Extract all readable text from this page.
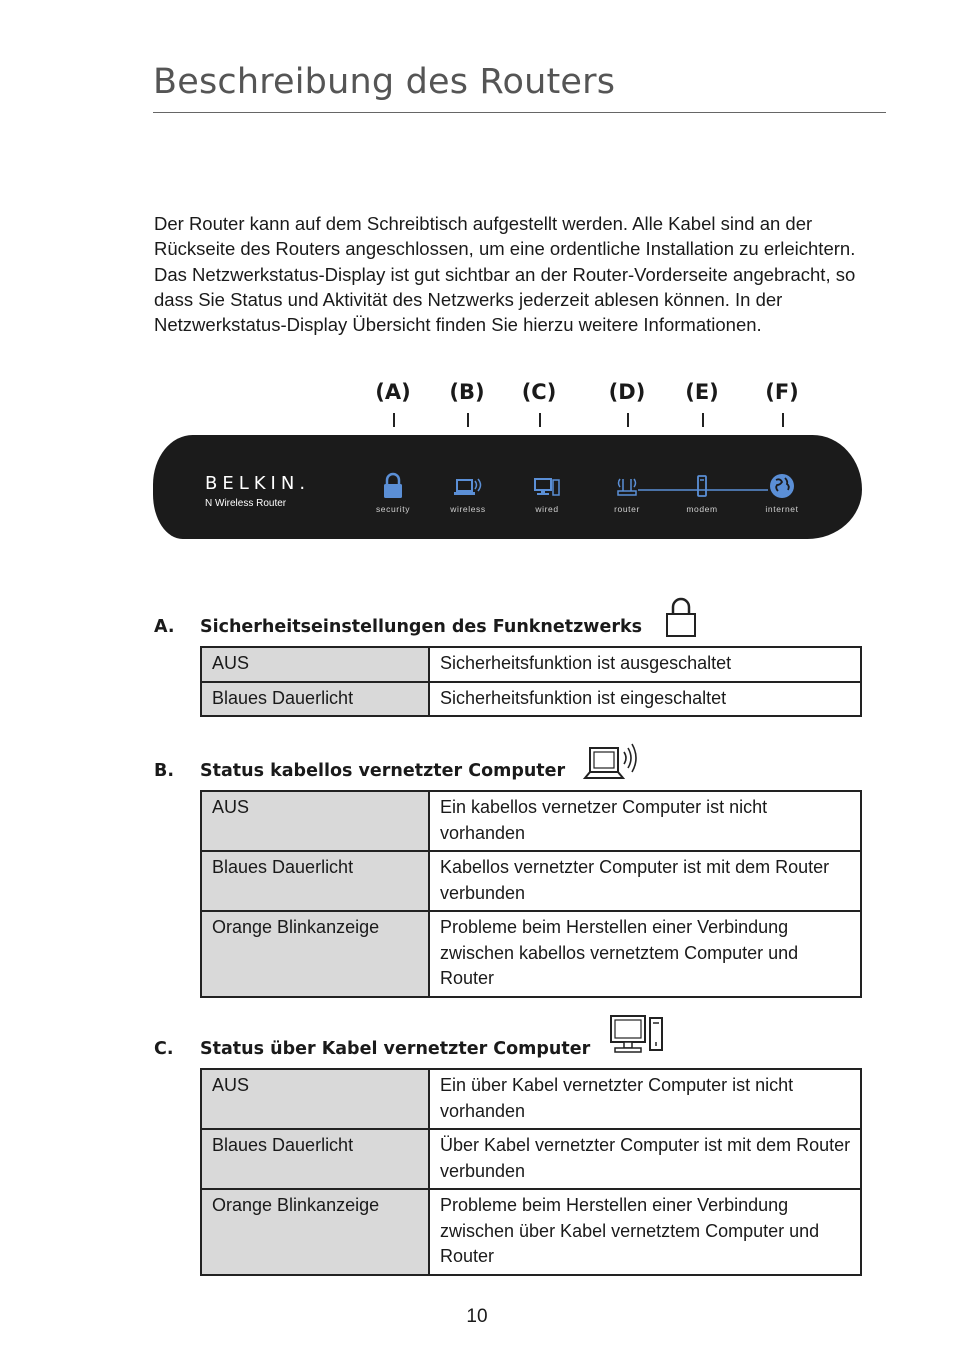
Beschreibung des Routers
Der Router kann auf dem Schreibtisch aufgestellt werden. Alle Kabel sind an der Rückseite des Routers angeschlossen, um eine ordentliche Installation zu erleichtern. Das Netzwerkstatus-Display ist gut sichtbar an der Router-Vorderseite angebracht, so dass Sie Status und Aktivität des Netzwerks jederzeit ablesen können. In der Netzwerkstatus-Display Übersicht finden Sie hierzu weitere Informationen.
(A) (B) (C) (D) (E) (F)
BELKIN.
N Wireless Router	security	wireless	wired	router	modem	internet
A. Sicherheitseinstellungen des Funknetzwerks
AUS	Sicherheitsfunktion ist ausgeschaltet
Blaues Dauerlicht	Sicherheitsfunktion ist eingeschaltet
B. Status kabellos vernetzter Computer
AUS	Ein kabellos vernetzer Computer ist nicht vorhanden
Blaues Dauerlicht	Kabellos vernetzter Computer ist mit dem Router verbunden
Orange Blinkanzeige	Probleme beim Herstellen einer Verbindung zwischen kabellos vernetztem Computer und Router
C. Status über Kabel vernetzter Computer
AUS	Ein über Kabel vernetzter Computer ist nicht vorhanden
Blaues Dauerlicht	Über Kabel vernetzter Computer ist mit dem Router verbunden
Orange Blinkanzeige	Probleme beim Herstellen einer Verbindung zwischen über Kabel vernetztem Computer und Router
10
